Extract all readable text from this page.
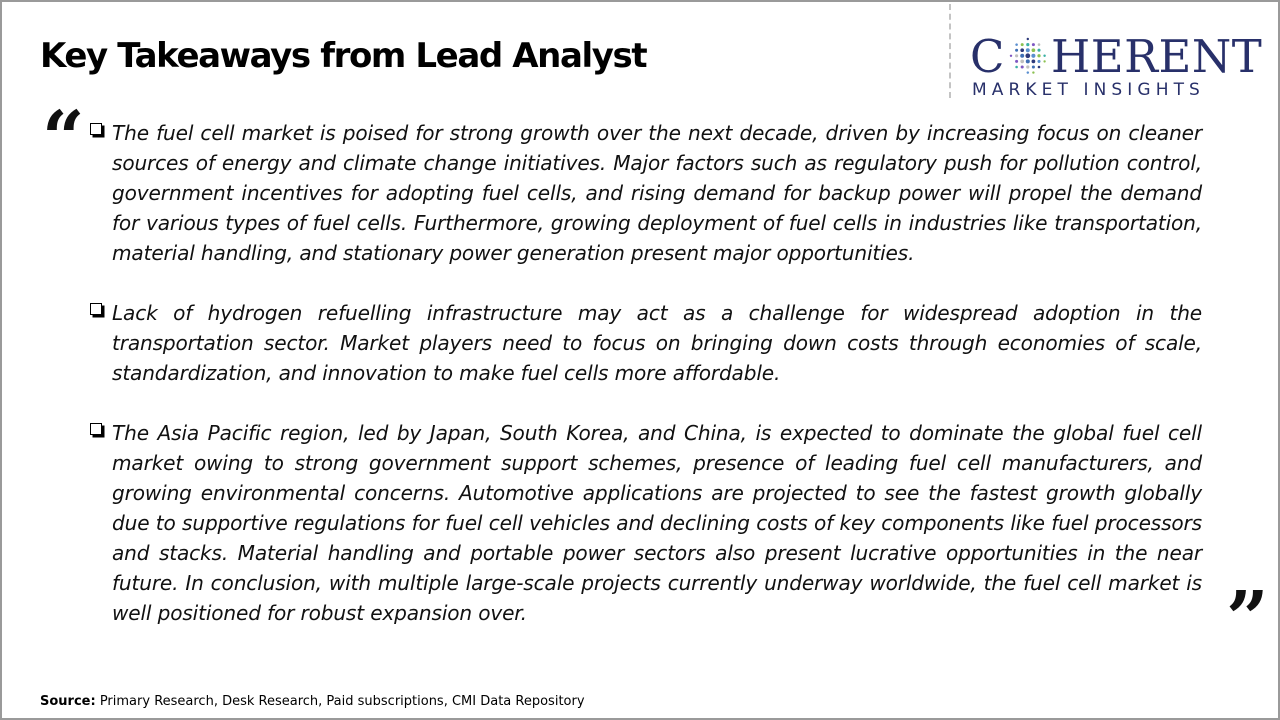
Key Takeaways from Lead Analyst	C HERENT
MARKET INSIGHTS
“ The fuel cell market is poised for strong growth over the next decade, driven by increasing focus on cleaner sources of energy and climate change initiatives. Major factors such as regulatory push for pollution control, government incentives for adopting fuel cells, and rising demand for backup power will propel the demand for various types of fuel cells. Furthermore, growing deployment of fuel cells in industries like transportation, material handling, and stationary power generation present major opportunities.
Lack of hydrogen refuelling infrastructure may act as a challenge for widespread adoption in the transportation sector. Market players need to focus on bringing down costs through economies of scale, standardization, and innovation to make fuel cells more affordable.
The Asia Pacific region, led by Japan, South Korea, and China, is expected to dominate the global fuel cell market owing to strong government support schemes, presence of leading fuel cell manufacturers, and growing environmental concerns. Automotive applications are projected to see the fastest growth globally due to supportive regulations for fuel cell vehicles and declining costs of key components like fuel processors and stacks. Material handling and portable power sectors also present lucrative opportunities in the near future. In conclusion, with multiple large-scale projects currently underway worldwide, the fuel cell market is well positioned for robust expansion over.	”
Source: Primary Research, Desk Research, Paid subscriptions, CMI Data Repository
